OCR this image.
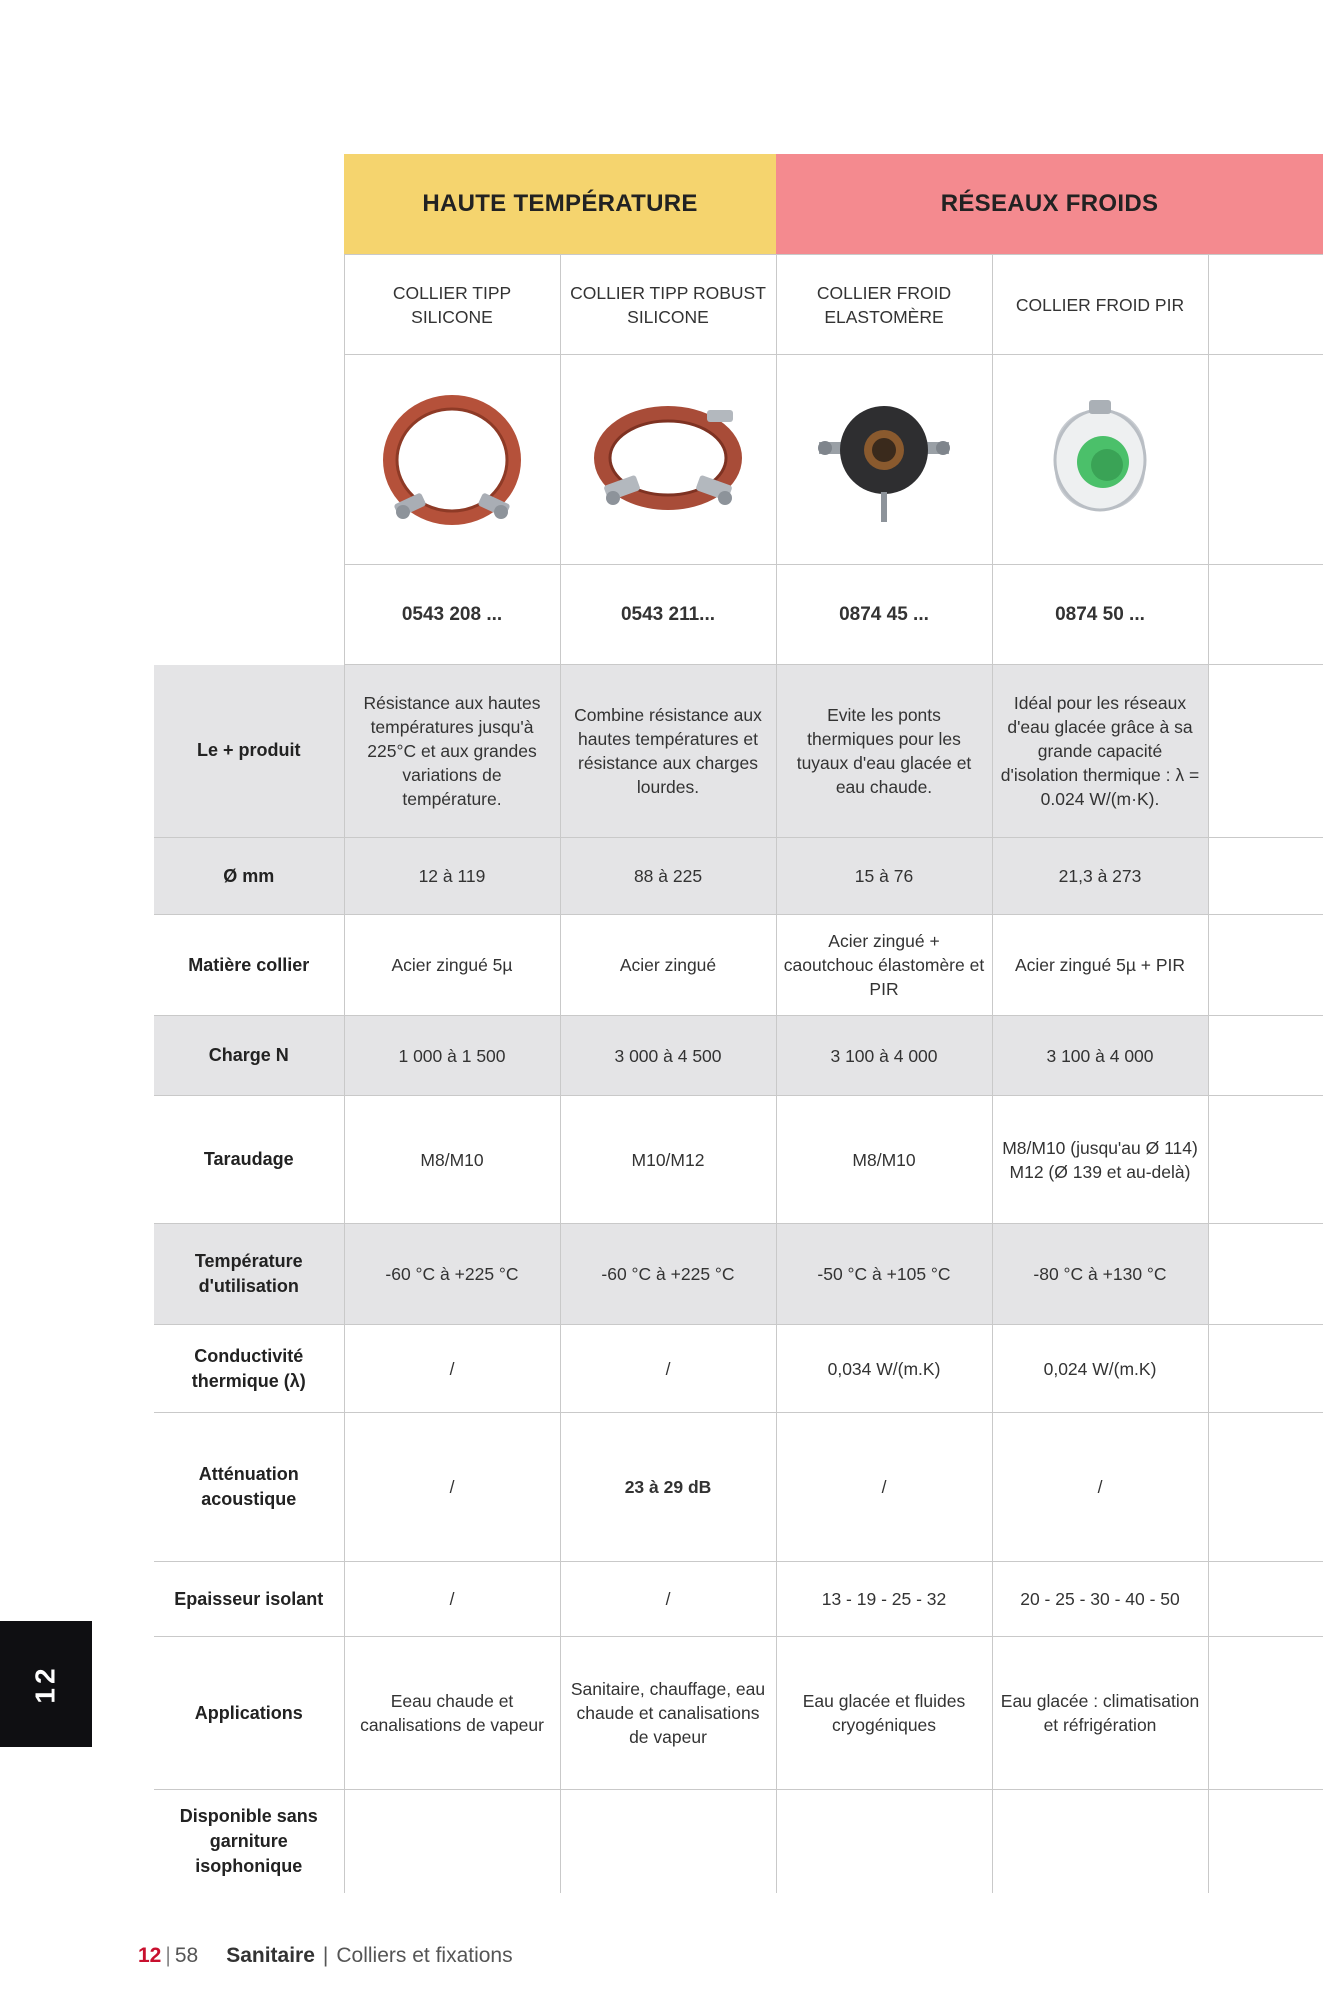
HAUTE TEMPÉRATURE	RÉSEAUX FROIDS
	COLLIER TIPP SILICONE	COLLIER TIPP ROBUST SILICONE	COLLIER FROID ELASTOMÈRE	COLLIER FROID PIR	

	0543 208 ...	0543 211...	0874 45 ...	0874 50 ...	
Le + produit	Résistance aux hautes températures jusqu'à 225°C et aux grandes variations de température.	Combine résistance aux hautes températures et résistance aux charges lourdes.	Evite les ponts thermiques pour les tuyaux d'eau glacée et eau chaude.	Idéal pour les réseaux d'eau glacée grâce à sa grande capacité d'isolation thermique : λ = 0.024 W/(m·K).	
Ø mm	12 à 119	88 à 225	15 à 76	21,3 à 273	
Matière collier	Acier zingué 5µ	Acier zingué	Acier zingué + caoutchouc élastomère et PIR	Acier zingué 5µ + PIR	
Charge N	1 000 à 1 500	3 000 à 4 500	3 100 à 4 000	3 100 à 4 000	
Taraudage	M8/M10	M10/M12	M8/M10	M8/M10 (jusqu'au Ø 114) M12 (Ø 139 et au-delà)	
Température d'utilisation	-60 °C à +225 °C	-60 °C à +225 °C	-50 °C à +105 °C	-80 °C à +130 °C	
Conductivité thermique (λ)	/	/	0,034 W/(m.K)	0,024 W/(m.K)	
Atténuation acoustique	/	23 à 29 dB	/	/	
Epaisseur isolant	/	/	13 - 19 - 25 - 32	20 - 25 - 30 - 40 - 50	
Applications	Eeau chaude et canalisations de vapeur	Sanitaire, chauffage, eau chaude et canalisations de vapeur	Eau glacée et fluides cryogéniques	Eau glacée : climatisation et réfrigération	
Disponible sans garniture isophonique					
12
12 | 58 Sanitaire | Colliers et fixations
